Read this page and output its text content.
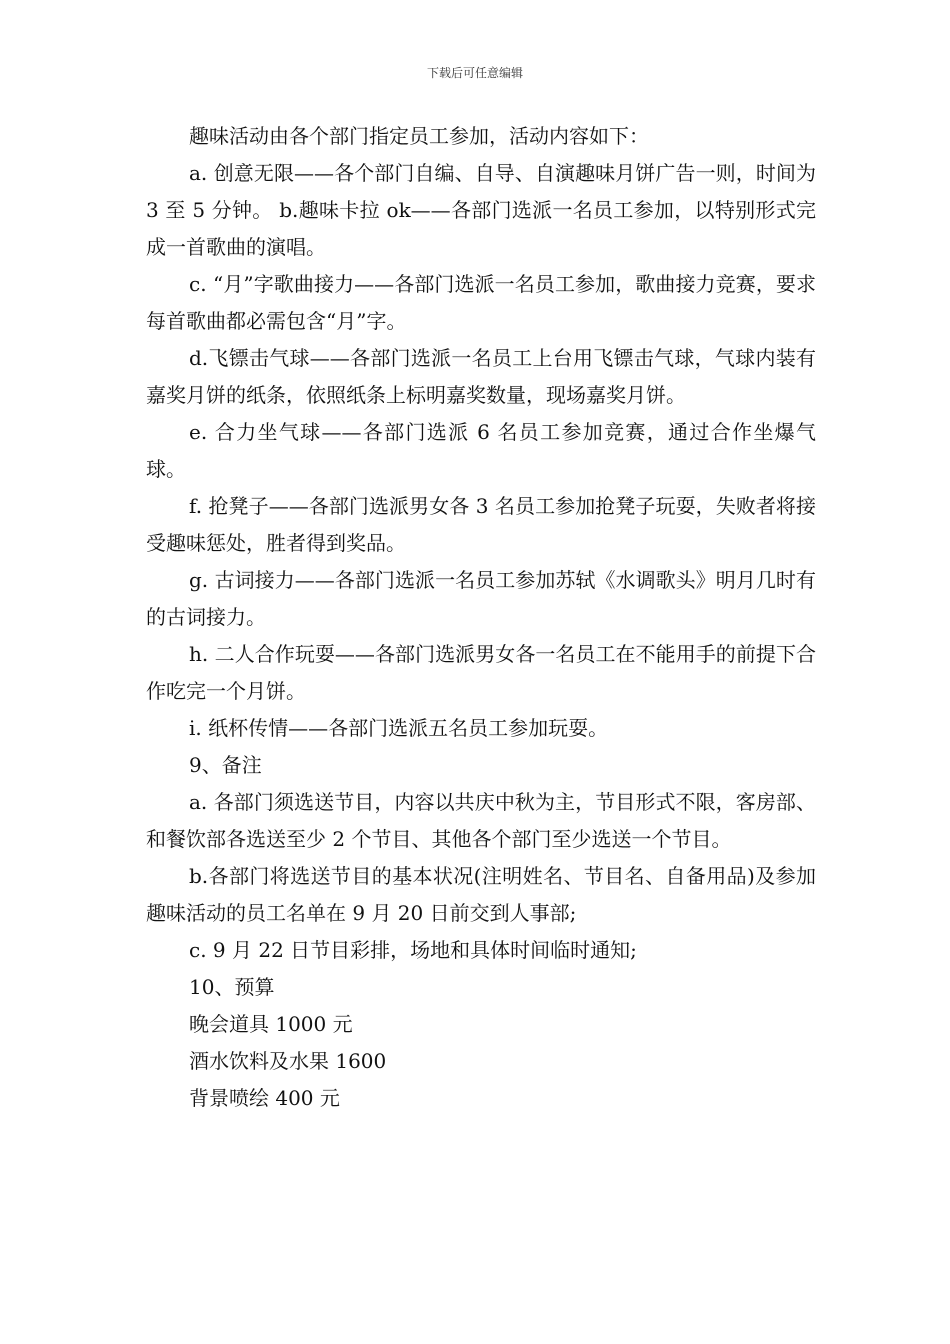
下载后可任意编辑

趣味活动由各个部门指定员工参加，活动内容如下：

a. 创意无限——各个部门自编、自导、自演趣味月饼广告一则，时间为 3 至 5 分钟。 b.趣味卡拉 ok——各部门选派一名员工参加，以特别形式完成一首歌曲的演唱。

c. “月”字歌曲接力——各部门选派一名员工参加，歌曲接力竞赛，要求每首歌曲都必需包含“月”字。

d.飞镖击气球——各部门选派一名员工上台用飞镖击气球，气球内装有嘉奖月饼的纸条，依照纸条上标明嘉奖数量，现场嘉奖月饼。

e. 合力坐气球——各部门选派 6 名员工参加竞赛，通过合作坐爆气球。

f. 抢凳子——各部门选派男女各 3 名员工参加抢凳子玩耍，失败者将接受趣味惩处，胜者得到奖品。

g. 古词接力——各部门选派一名员工参加苏轼《水调歌头》明月几时有的古词接力。

h. 二人合作玩耍——各部门选派男女各一名员工在不能用手的前提下合作吃完一个月饼。

i. 纸杯传情——各部门选派五名员工参加玩耍。

9、备注

a. 各部门须选送节目，内容以共庆中秋为主，节目形式不限，客房部、和餐饮部各选送至少 2 个节目、其他各个部门至少选送一个节目。

b.各部门将选送节目的基本状况(注明姓名、节目名、自备用品)及参加趣味活动的员工名单在 9 月 20 日前交到人事部;

c. 9 月 22 日节目彩排，场地和具体时间临时通知;

10、预算

晚会道具 1000 元

酒水饮料及水果 1600

背景喷绘 400 元
